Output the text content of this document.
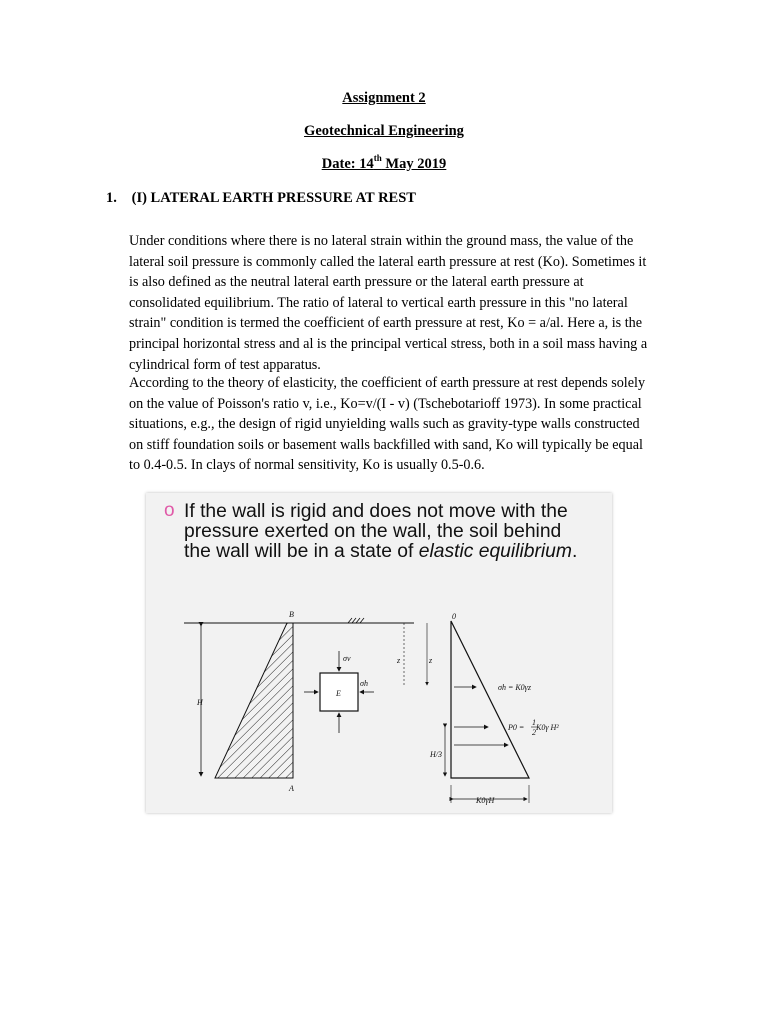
Assignment 2
Geotechnical Engineering
Date: 14th May 2019
1. (I) LATERAL EARTH PRESSURE AT REST
Under conditions where there is no lateral strain within the ground mass, the value of the
lateral soil pressure is commonly called the lateral earth pressure at rest (Ko). Sometimes it
is also defined as the neutral lateral earth pressure or the lateral earth pressure at
consolidated equilibrium. The ratio of lateral to vertical earth pressure in this "no lateral
strain" condition is termed the coefficient of earth pressure at rest, Ko = a/al. Here a, is the
principal horizontal stress and al is the principal vertical stress, both in a soil mass having a
cylindrical form of test apparatus.
According to the theory of elasticity, the coefficient of earth pressure at rest depends solely
on the value of Poisson's ratio v, i.e., Ko=v/(I - v) (Tschebotarioff 1973). In some practical
situations, e.g., the design of rigid unyielding walls such as gravity-type walls constructed
on stiff foundation soils or basement walls backfilled with sand, Ko will typically be equal
to 0.4-0.5. In clays of normal sensitivity, Ko is usually 0.5-0.6.
o If the wall is rigid and does not move with the
pressure exerted on the wall, the soil behind
the wall will be in a state of elastic equilibrium.
B
A
H
z	z
E
σv
σh
0
σh = K0γz
P0 =
1
2
K0γ H²
H/3
K0γH
